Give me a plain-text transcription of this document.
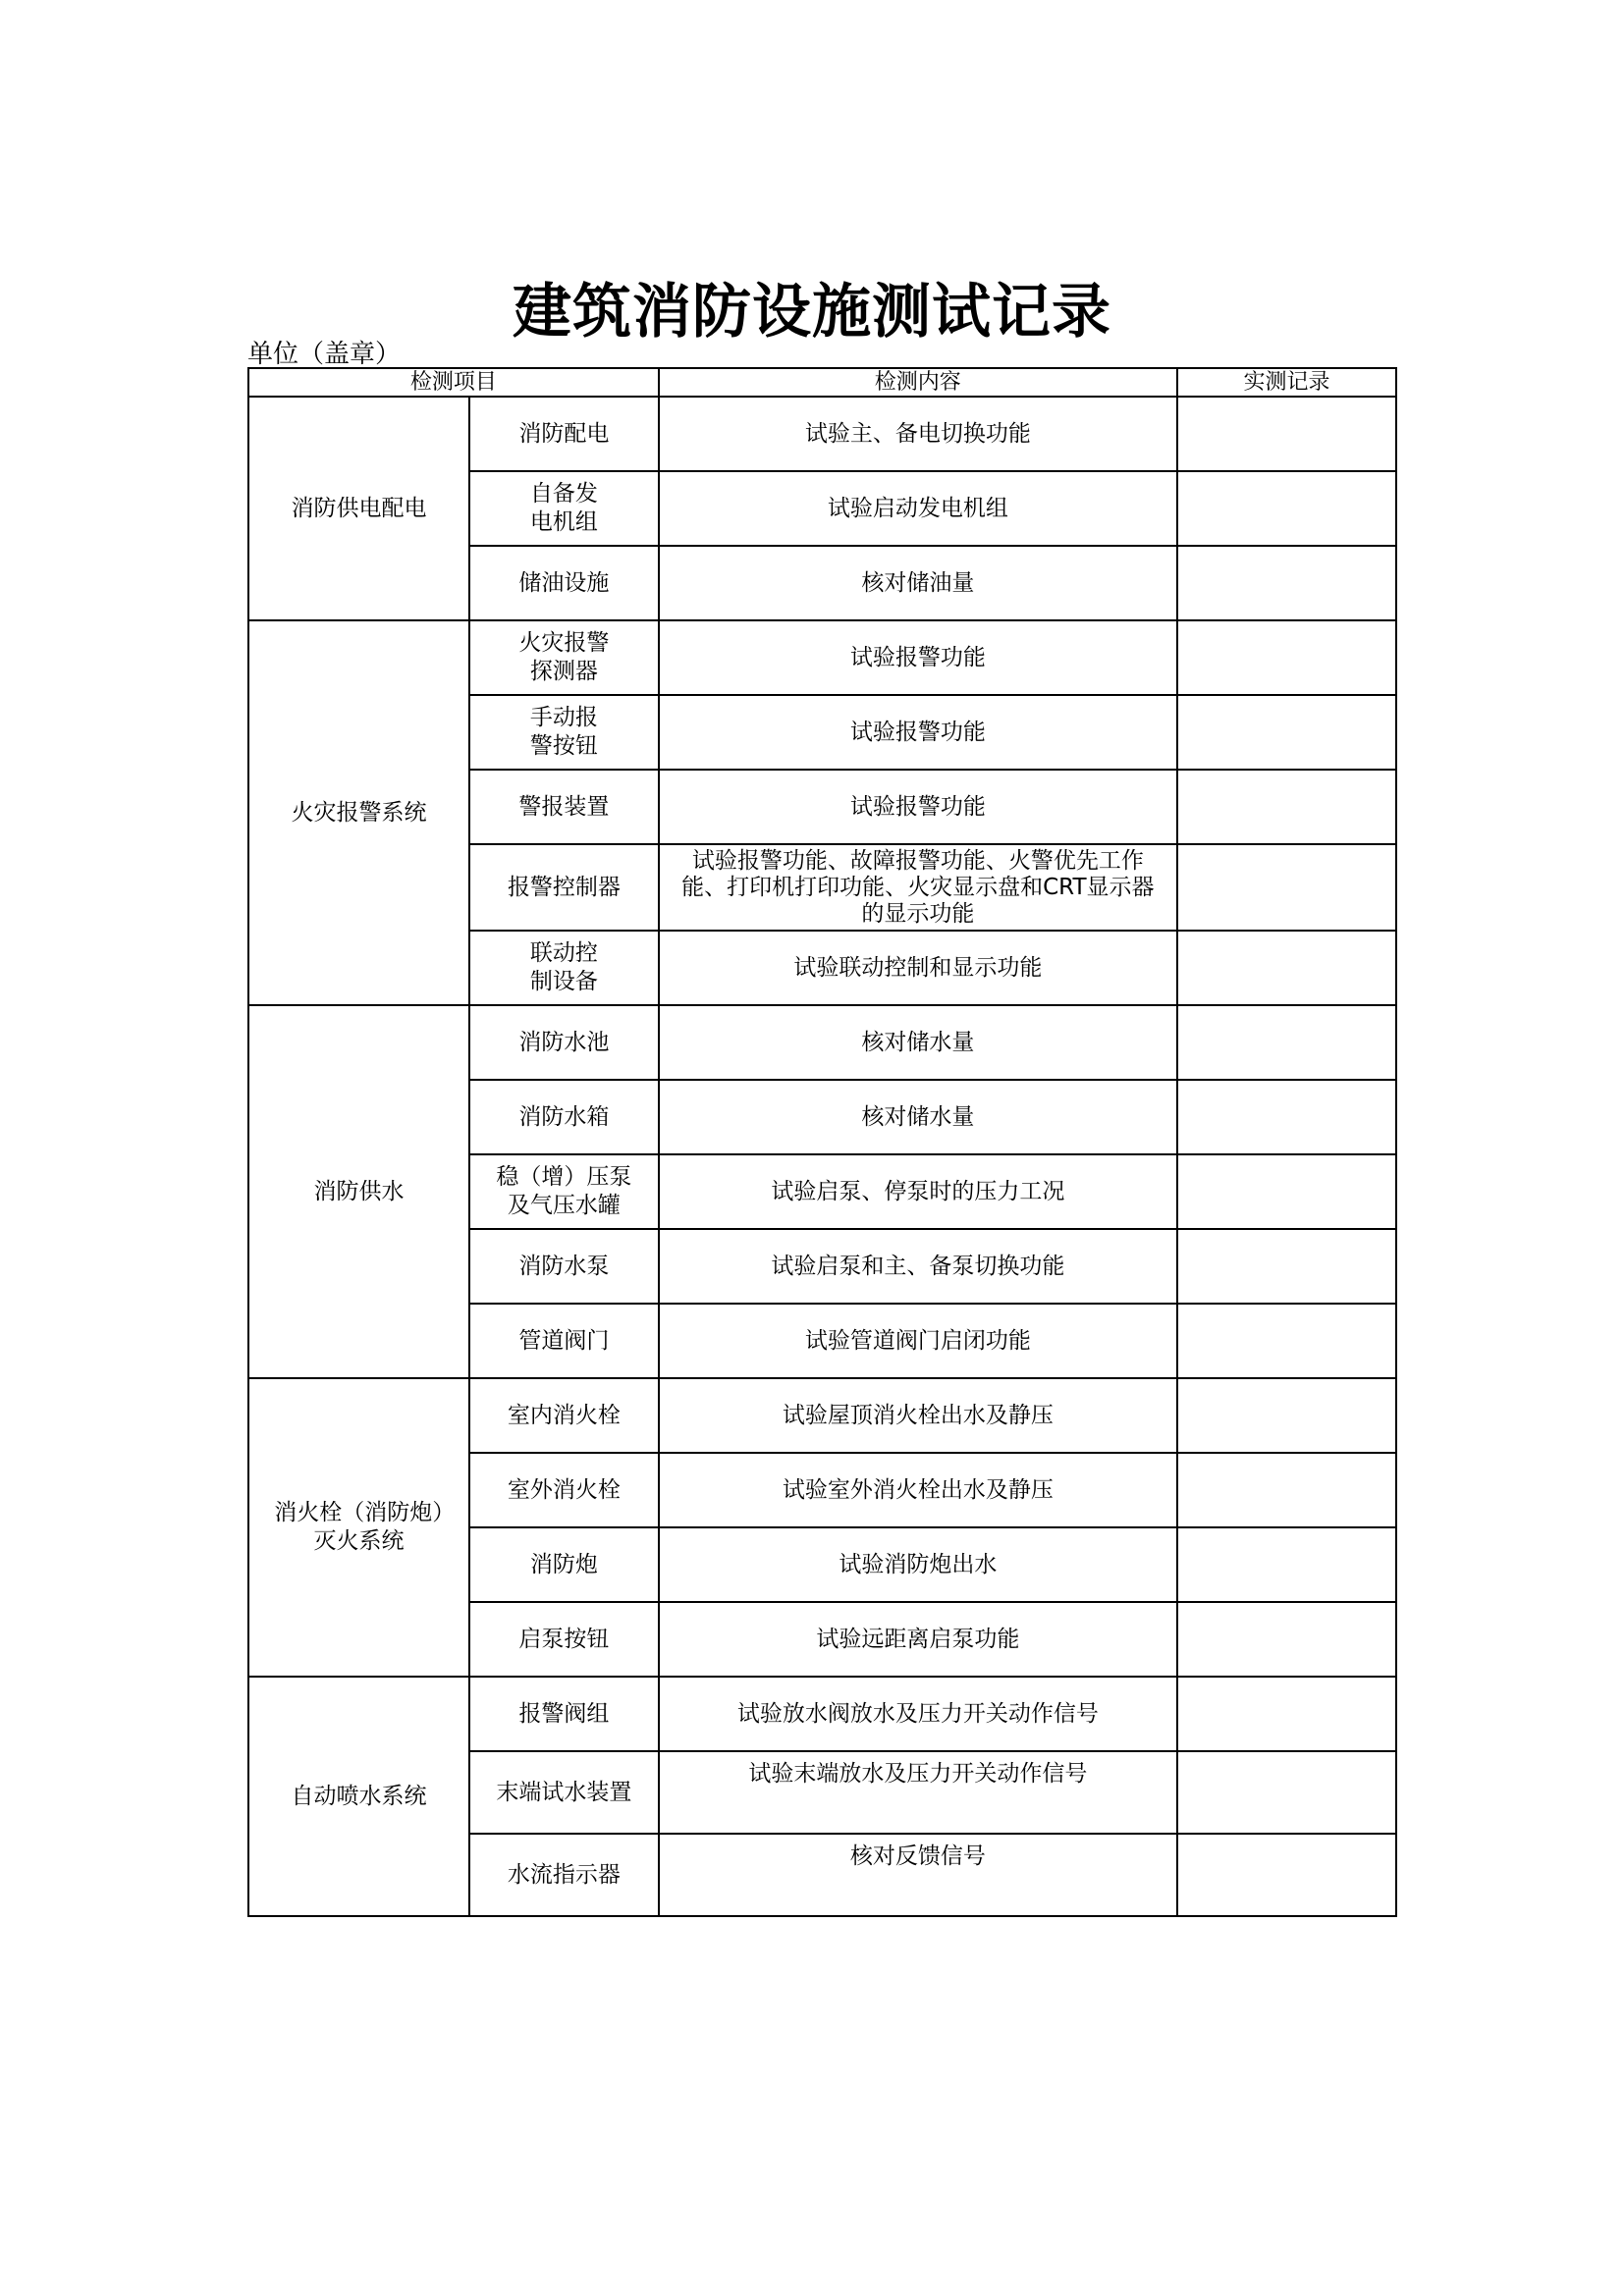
建筑消防设施测试记录
单位（盖章）
检测项目		检测内容	实测记录
消防供电配电	消防配电	试验主、备电切换功能	
	自备发
电机组	试验启动发电机组	
	储油设施	核对储油量	
火灾报警系统	火灾报警
探测器	试验报警功能	
	手动报
警按钮	试验报警功能	
	警报装置	试验报警功能	
	报警控制器	试验报警功能、故障报警功能、火警优先工作能、打印机打印功能、火灾显示盘和CRT显示器的显示功能	
	联动控
制设备	试验联动控制和显示功能	
消防供水	消防水池	核对储水量	
	消防水箱	核对储水量	
	稳（增）压泵
及气压水罐	试验启泵、停泵时的压力工况	
	消防水泵	试验启泵和主、备泵切换功能	
	管道阀门	试验管道阀门启闭功能	
消火栓（消防炮）灭火系统	室内消火栓	试验屋顶消火栓出水及静压	
	室外消火栓	试验室外消火栓出水及静压	
	消防炮	试验消防炮出水	
	启泵按钮	试验远距离启泵功能	
自动喷水系统	报警阀组	试验放水阀放水及压力开关动作信号	
	末端试水装置	试验末端放水及压力开关动作信号	
	水流指示器	核对反馈信号	
